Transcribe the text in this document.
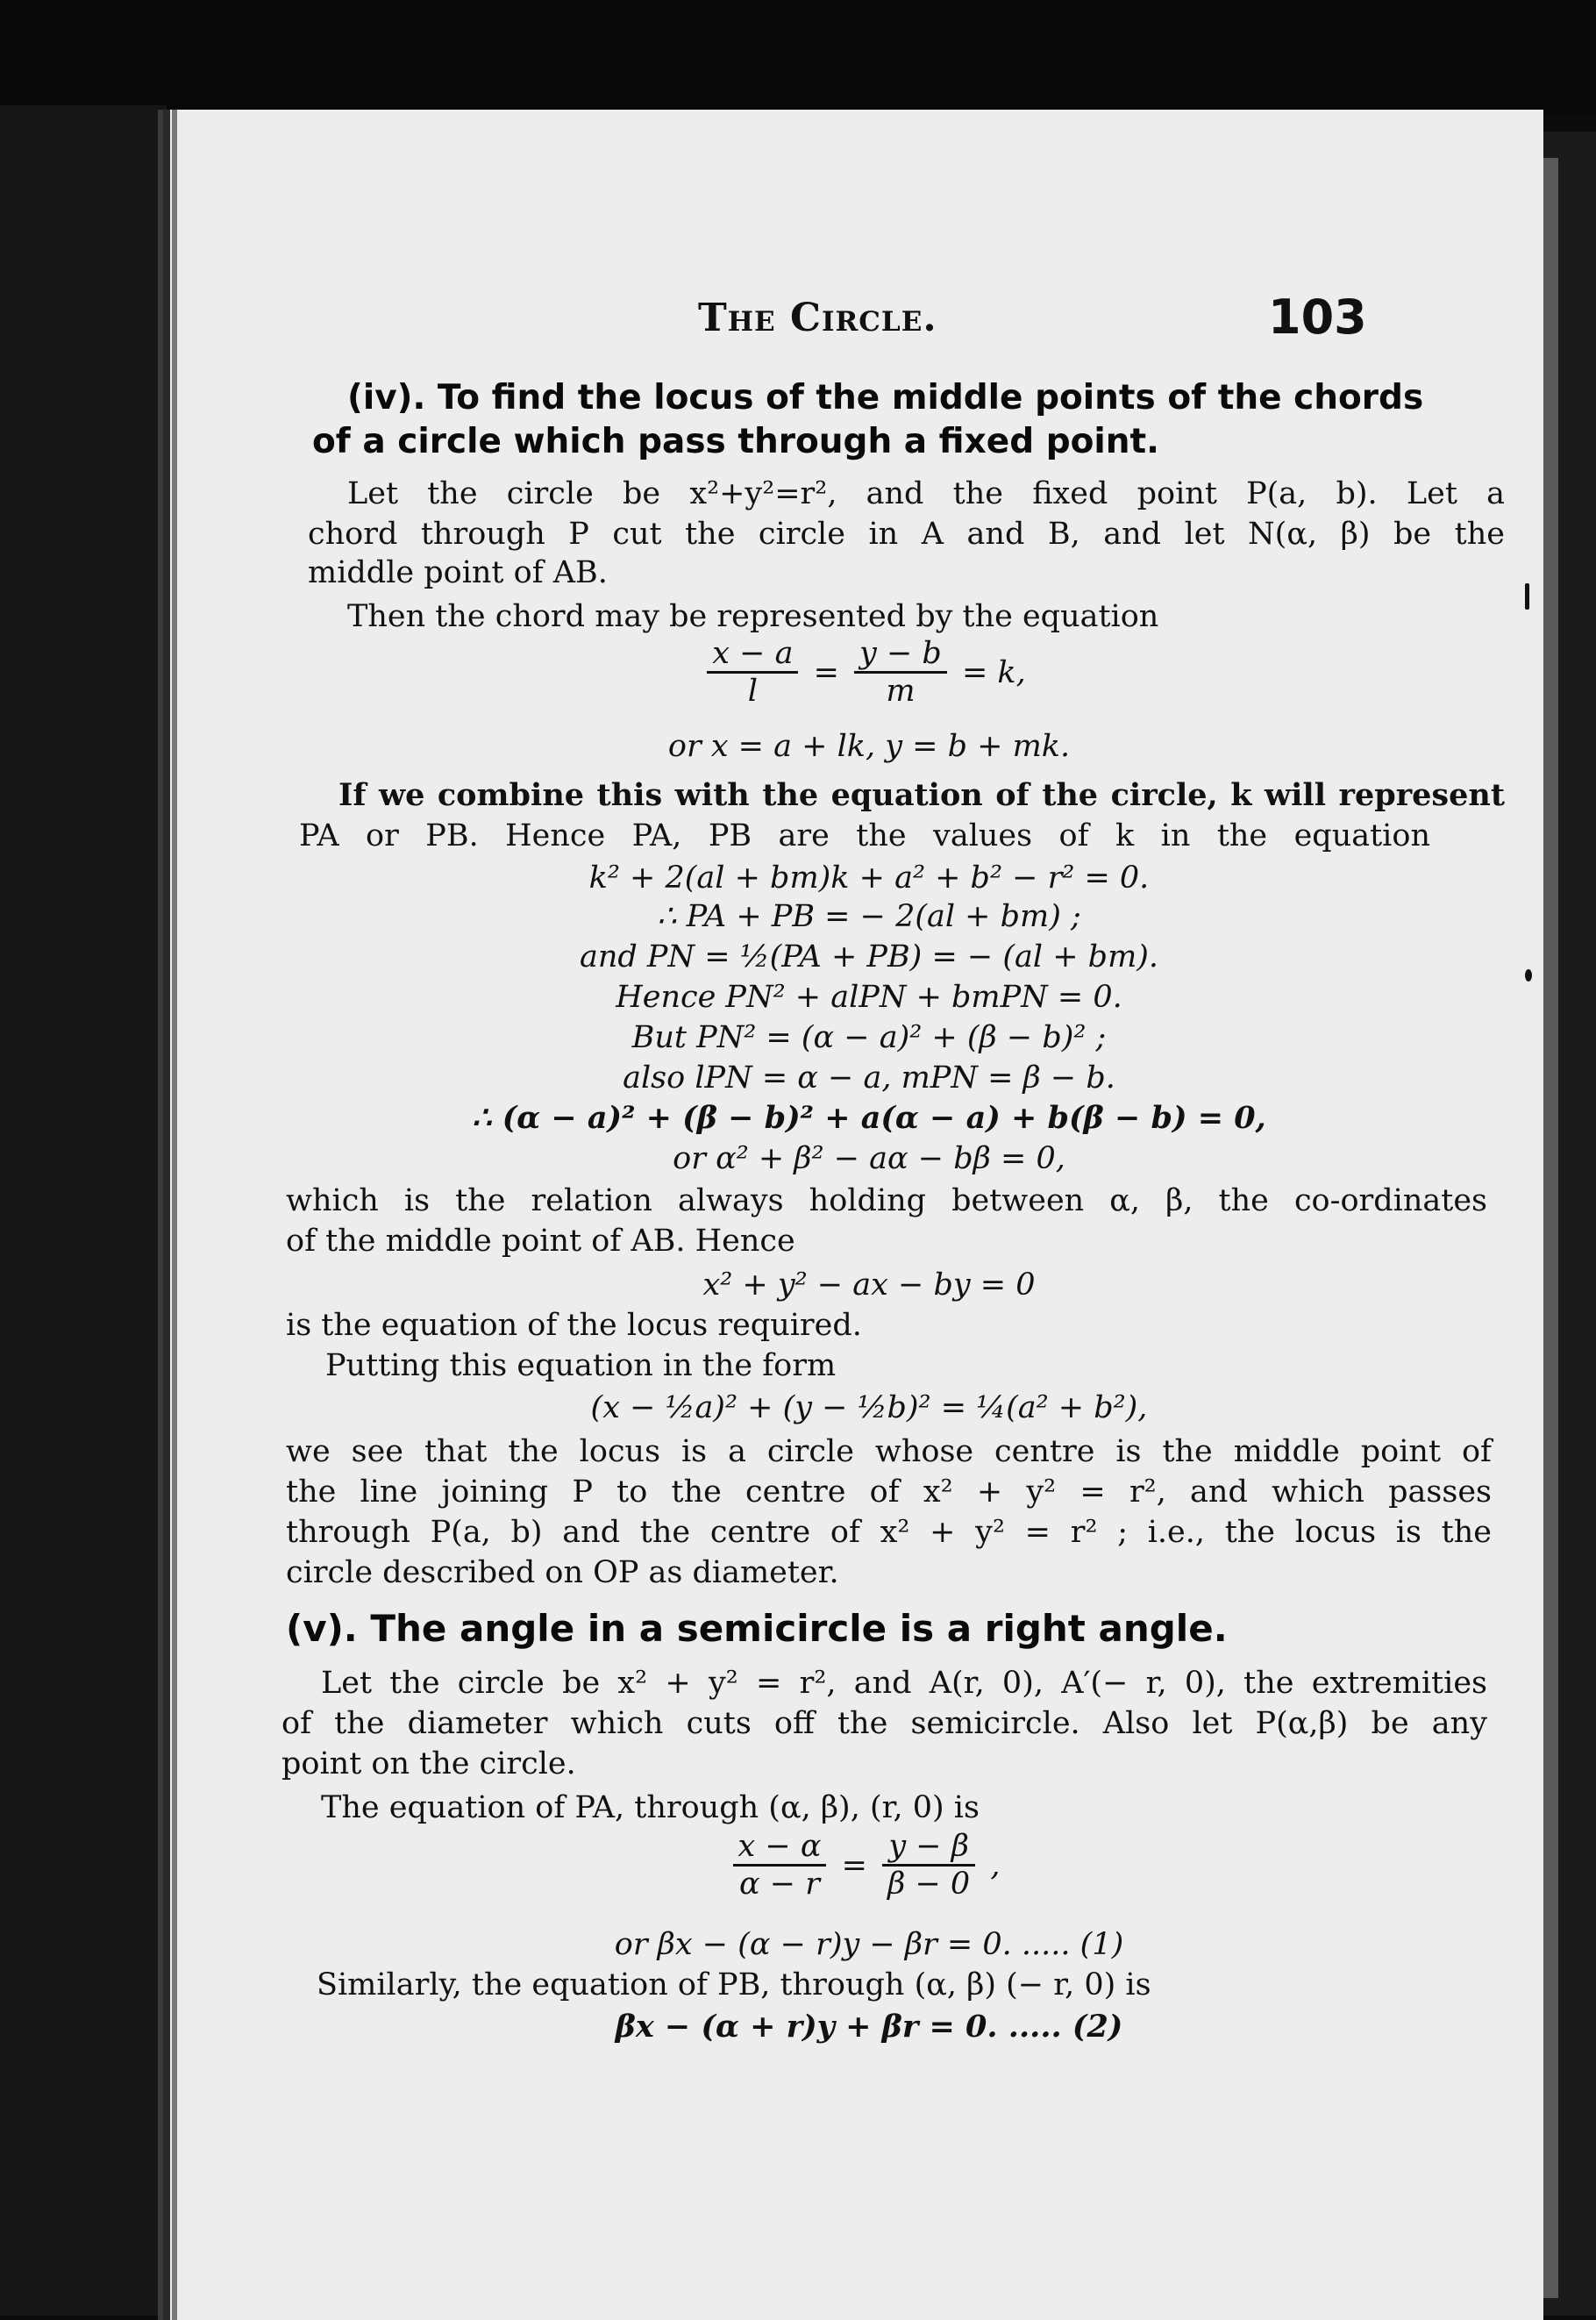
The Circle.	103
(iv). To find the locus of the middle points of the chords
of a circle which pass through a fixed point.
Let the circle be x²+y²=r², and the fixed point P(a, b). Let a
chord through P cut the circle in A and B, and let N(α, β) be the
middle point of AB.
Then the chord may be represented by the equation
$\frac{x - a}{l} = \frac{y - b}{m} = k$,
or x = a + lk, y = b + mk.
If we combine this with the equation of the circle, k will represent
PA or PB. Hence PA, PB are the values of k in the equation
k² + 2(al + bm)k + a² + b² − r² = 0.
∴ PA + PB = − 2(al + bm) ;
and PN = ½(PA + PB) = − (al + bm).
Hence PN² + alPN + bmPN = 0.
But PN² = (α − a)² + (β − b)² ;
also lPN = α − a, mPN = β − b.
∴ (α − a)² + (β − b)² + a(α − a) + b(β − b) = 0,
or α² + β² − aα − bβ = 0,
which is the relation always holding between α, β, the co-ordinates
of the middle point of AB. Hence
x² + y² − ax − by = 0
is the equation of the locus required.
Putting this equation in the form
(x − ½a)² + (y − ½b)² = ¼(a² + b²),
we see that the locus is a circle whose centre is the middle point of
the line joining P to the centre of x² + y² = r², and which passes
through P(a, b) and the centre of x² + y² = r² ; i.e., the locus is the
circle described on OP as diameter.
(v). The angle in a semicircle is a right angle.
Let the circle be x² + y² = r², and A(r, 0), A′(− r, 0), the extremities
of the diameter which cuts off the semicircle. Also let P(α,β) be any
point on the circle.
The equation of PA, through (α, β), (r, 0) is
$\frac{x - \alpha}{\alpha - r} = \frac{y - \beta}{\beta - 0}$ ,
or βx − (α − r)y − βr = 0. ..... (1)
Similarly, the equation of PB, through (α, β) (− r, 0) is
βx − (α + r)y + βr = 0. ..... (2)
